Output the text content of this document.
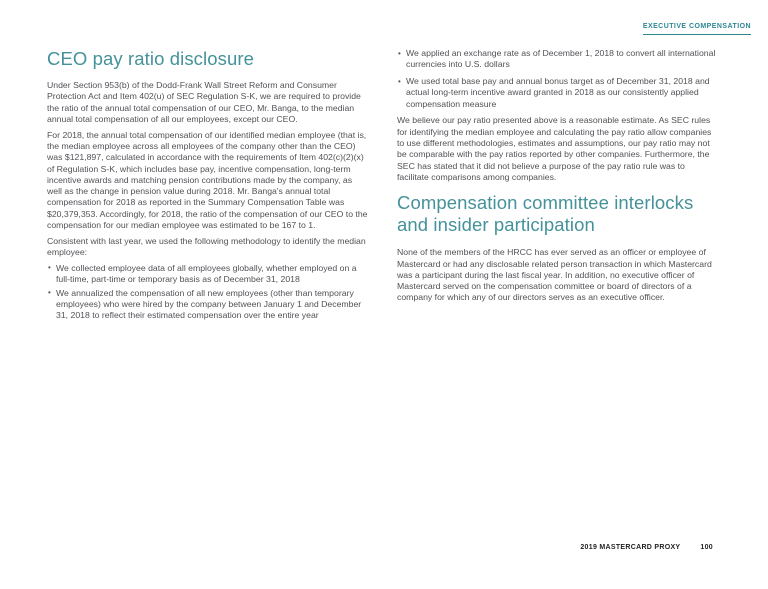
EXECUTIVE COMPENSATION
CEO pay ratio disclosure

Under Section 953(b) of the Dodd-Frank Wall Street Reform and Consumer Protection Act and Item 402(u) of SEC Regulation S-K, we are required to provide the ratio of the annual total compensation of our CEO, Mr. Banga, to the median annual total compensation of all our employees, except our CEO.

For 2018, the annual total compensation of our identified median employee (that is, the median employee across all employees of the company other than the CEO) was $121,897, calculated in accordance with the requirements of Item 402(c)(2)(x) of Regulation S-K, which includes base pay, incentive compensation, long-term incentive awards and matching pension contributions made by the company, as well as the change in pension value during 2018. Mr. Banga's annual total compensation for 2018 as reported in the Summary Compensation Table was $20,379,353. Accordingly, for 2018, the ratio of the compensation of our CEO to the compensation for our median employee was estimated to be 167 to 1.

Consistent with last year, we used the following methodology to identify the median employee:

• We collected employee data of all employees globally, whether employed on a full-time, part-time or temporary basis as of December 31, 2018
• We annualized the compensation of all new employees (other than temporary employees) who were hired by the company between January 1 and December 31, 2018 to reflect their estimated compensation over the entire year
• We applied an exchange rate as of December 1, 2018 to convert all international currencies into U.S. dollars
• We used total base pay and annual bonus target as of December 31, 2018 and actual long-term incentive award granted in 2018 as our consistently applied compensation measure

We believe our pay ratio presented above is a reasonable estimate. As SEC rules for identifying the median employee and calculating the pay ratio allow companies to use different methodologies, estimates and assumptions, our pay ratio may not be comparable with the pay ratios reported by other companies. Furthermore, the SEC has stated that it did not believe a purpose of the pay ratio rule was to facilitate comparisons among companies.

Compensation committee interlocks and insider participation

None of the members of the HRCC has ever served as an officer or employee of Mastercard or had any disclosable related person transaction in which Mastercard was a participant during the last fiscal year. In addition, no executive officer of Mastercard served on the compensation committee or board of directors of a company for which any of our directors serves as an executive officer.

2019 MASTERCARD PROXY	100
